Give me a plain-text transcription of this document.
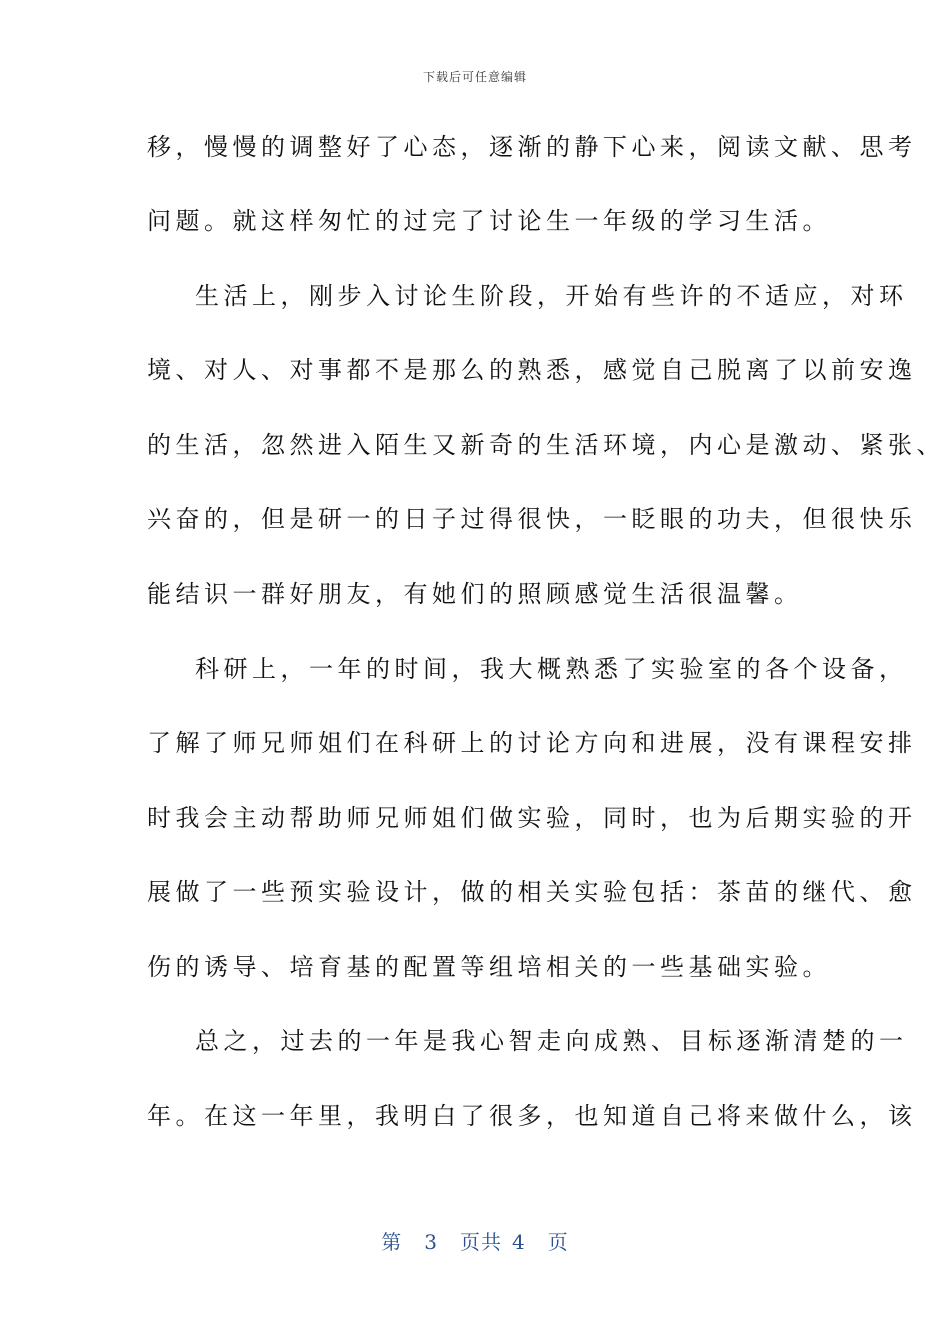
下载后可任意编辑
移，慢慢的调整好了心态，逐渐的静下心来，阅读文献、思考
问题。就这样匆忙的过完了讨论生一年级的学习生活。
生活上，刚步入讨论生阶段，开始有些许的不适应，对环
境、对人、对事都不是那么的熟悉，感觉自己脱离了以前安逸
的生活，忽然进入陌生又新奇的生活环境，内心是激动、紧张、
兴奋的，但是研一的日子过得很快，一眨眼的功夫，但很快乐
能结识一群好朋友，有她们的照顾感觉生活很温馨。
科研上，一年的时间，我大概熟悉了实验室的各个设备，
了解了师兄师姐们在科研上的讨论方向和进展，没有课程安排
时我会主动帮助师兄师姐们做实验，同时，也为后期实验的开
展做了一些预实验设计，做的相关实验包括：茶苗的继代、愈
伤的诱导、培育基的配置等组培相关的一些基础实验。
总之，过去的一年是我心智走向成熟、目标逐渐清楚的一
年。在这一年里，我明白了很多，也知道自己将来做什么，该
第 3 页共 4 页
